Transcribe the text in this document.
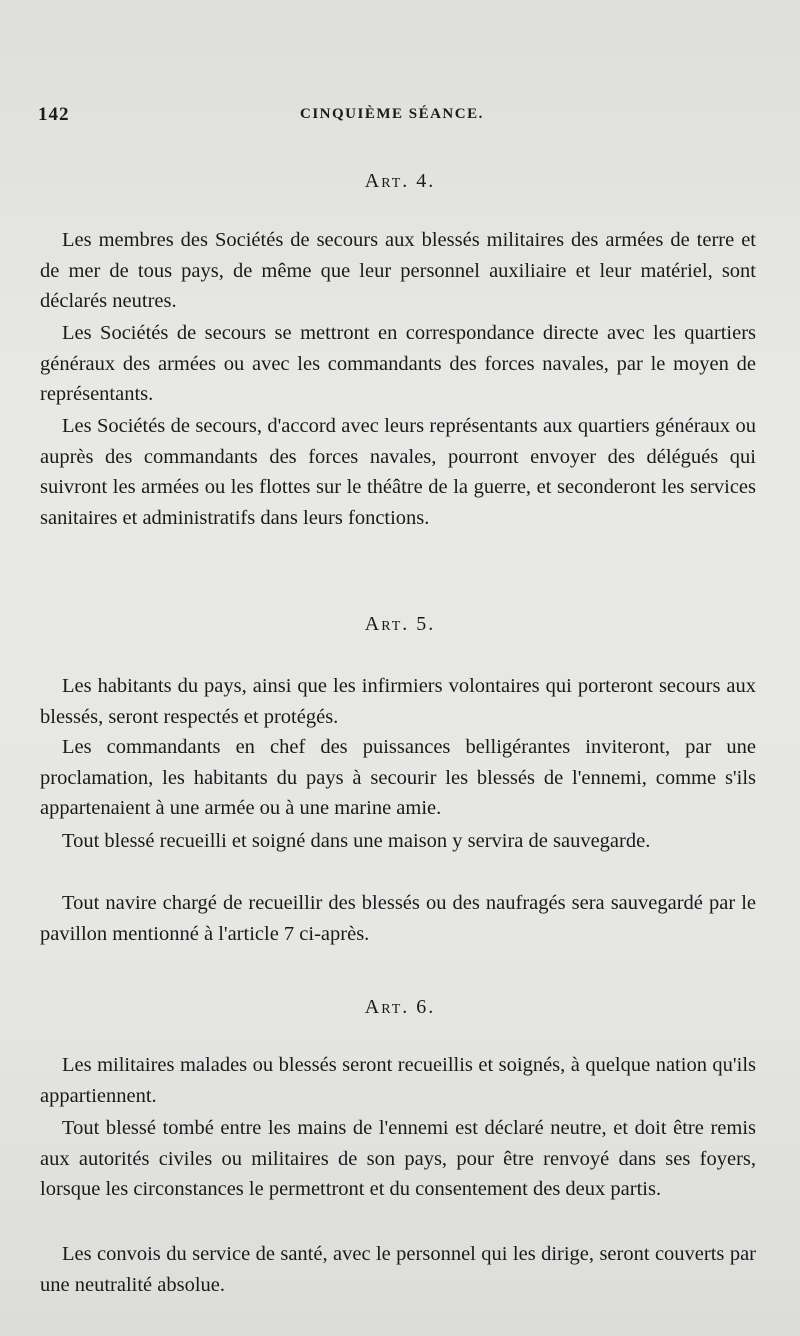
142	CINQUIÈME SÉANCE.
Art. 4.

Les membres des Sociétés de secours aux blessés militaires des armées de terre et de mer de tous pays, de même que leur personnel auxiliaire et leur matériel, sont déclarés neutres.

Les Sociétés de secours se mettront en correspondance directe avec les quartiers généraux des armées ou avec les commandants des forces navales, par le moyen de représentants.

Les Sociétés de secours, d'accord avec leurs représentants aux quartiers généraux ou auprès des commandants des forces navales, pourront envoyer des délégués qui suivront les armées ou les flottes sur le théâtre de la guerre, et seconderont les services sanitaires et administratifs dans leurs fonctions.

Art. 5.

Les habitants du pays, ainsi que les infirmiers volontaires qui porteront secours aux blessés, seront respectés et protégés.

Les commandants en chef des puissances belligérantes inviteront, par une proclamation, les habitants du pays à secourir les blessés de l'ennemi, comme s'ils appartenaient à une armée ou à une marine amie.

Tout blessé recueilli et soigné dans une maison y servira de sauvegarde.

Tout navire chargé de recueillir des blessés ou des naufragés sera sauvegardé par le pavillon mentionné à l'article 7 ci-après.

Art. 6.

Les militaires malades ou blessés seront recueillis et soignés, à quelque nation qu'ils appartiennent.

Tout blessé tombé entre les mains de l'ennemi est déclaré neutre, et doit être remis aux autorités civiles ou militaires de son pays, pour être renvoyé dans ses foyers, lorsque les circonstances le permettront et du consentement des deux partis.

Les convois du service de santé, avec le personnel qui les dirige, seront couverts par une neutralité absolue.
